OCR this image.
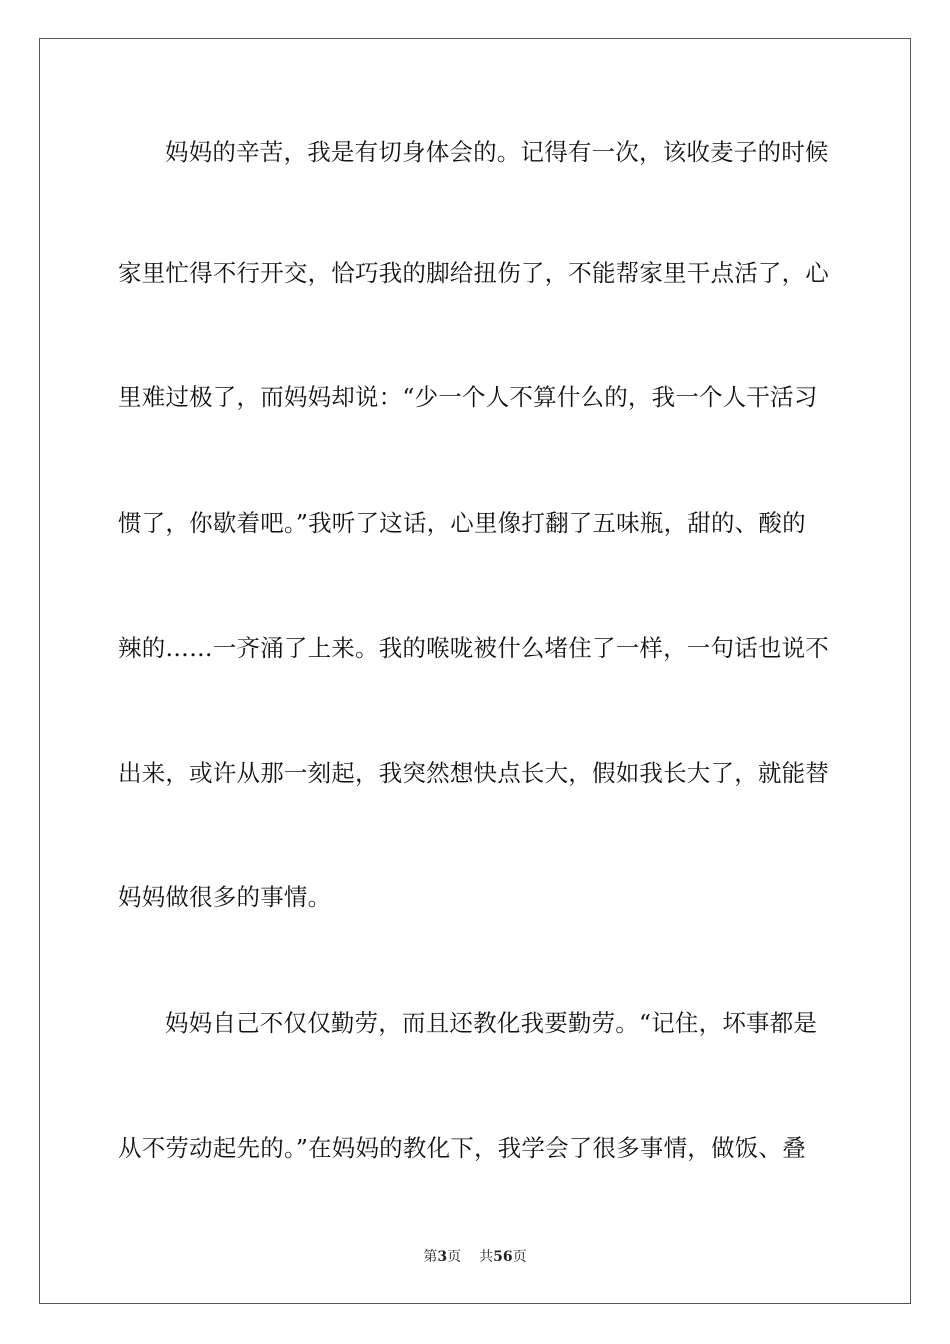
妈妈的辛苦，我是有切身体会的。记得有一次，该收麦子的时候
家里忙得不行开交，恰巧我的脚给扭伤了，不能帮家里干点活了，心
里难过极了，而妈妈却说：“少一个人不算什么的，我一个人干活习
惯了，你歇着吧。”我听了这话，心里像打翻了五味瓶，甜的、酸的
辣的……一齐涌了上来。我的喉咙被什么堵住了一样，一句话也说不
出来，或许从那一刻起，我突然想快点长大，假如我长大了，就能替
妈妈做很多的事情。
妈妈自己不仅仅勤劳，而且还教化我要勤劳。“记住，坏事都是
从不劳动起先的。”在妈妈的教化下，我学会了很多事情，做饭、叠
第3页 共56页
